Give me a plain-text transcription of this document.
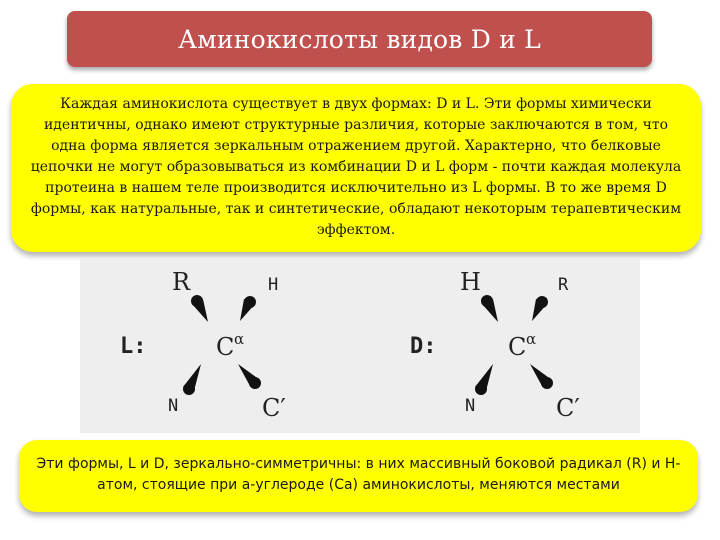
Аминокислоты видов D и L
Каждая аминокислота существует в двух формах: D и L. Эти формы химически идентичны, однако имеют структурные различия, которые заключаются в том, что одна форма является зеркальным отражением другой. Характерно, что белковые цепочки не могут образовываться из комбинации D и L форм - почти каждая молекула протеина в нашем теле производится исключительно из L формы. В то же время D формы, как натуральные, так и синтетические, обладают некоторым терапевтическим эффектом.
L:
R	H
C α
N	C′
D:
H	R
C α
N	C′
Эти формы, L и D, зеркально-симметричны: в них массивный боковой радикал (R) и H-атом, стоящие при a-углероде (Ca) аминокислоты, меняются местами
